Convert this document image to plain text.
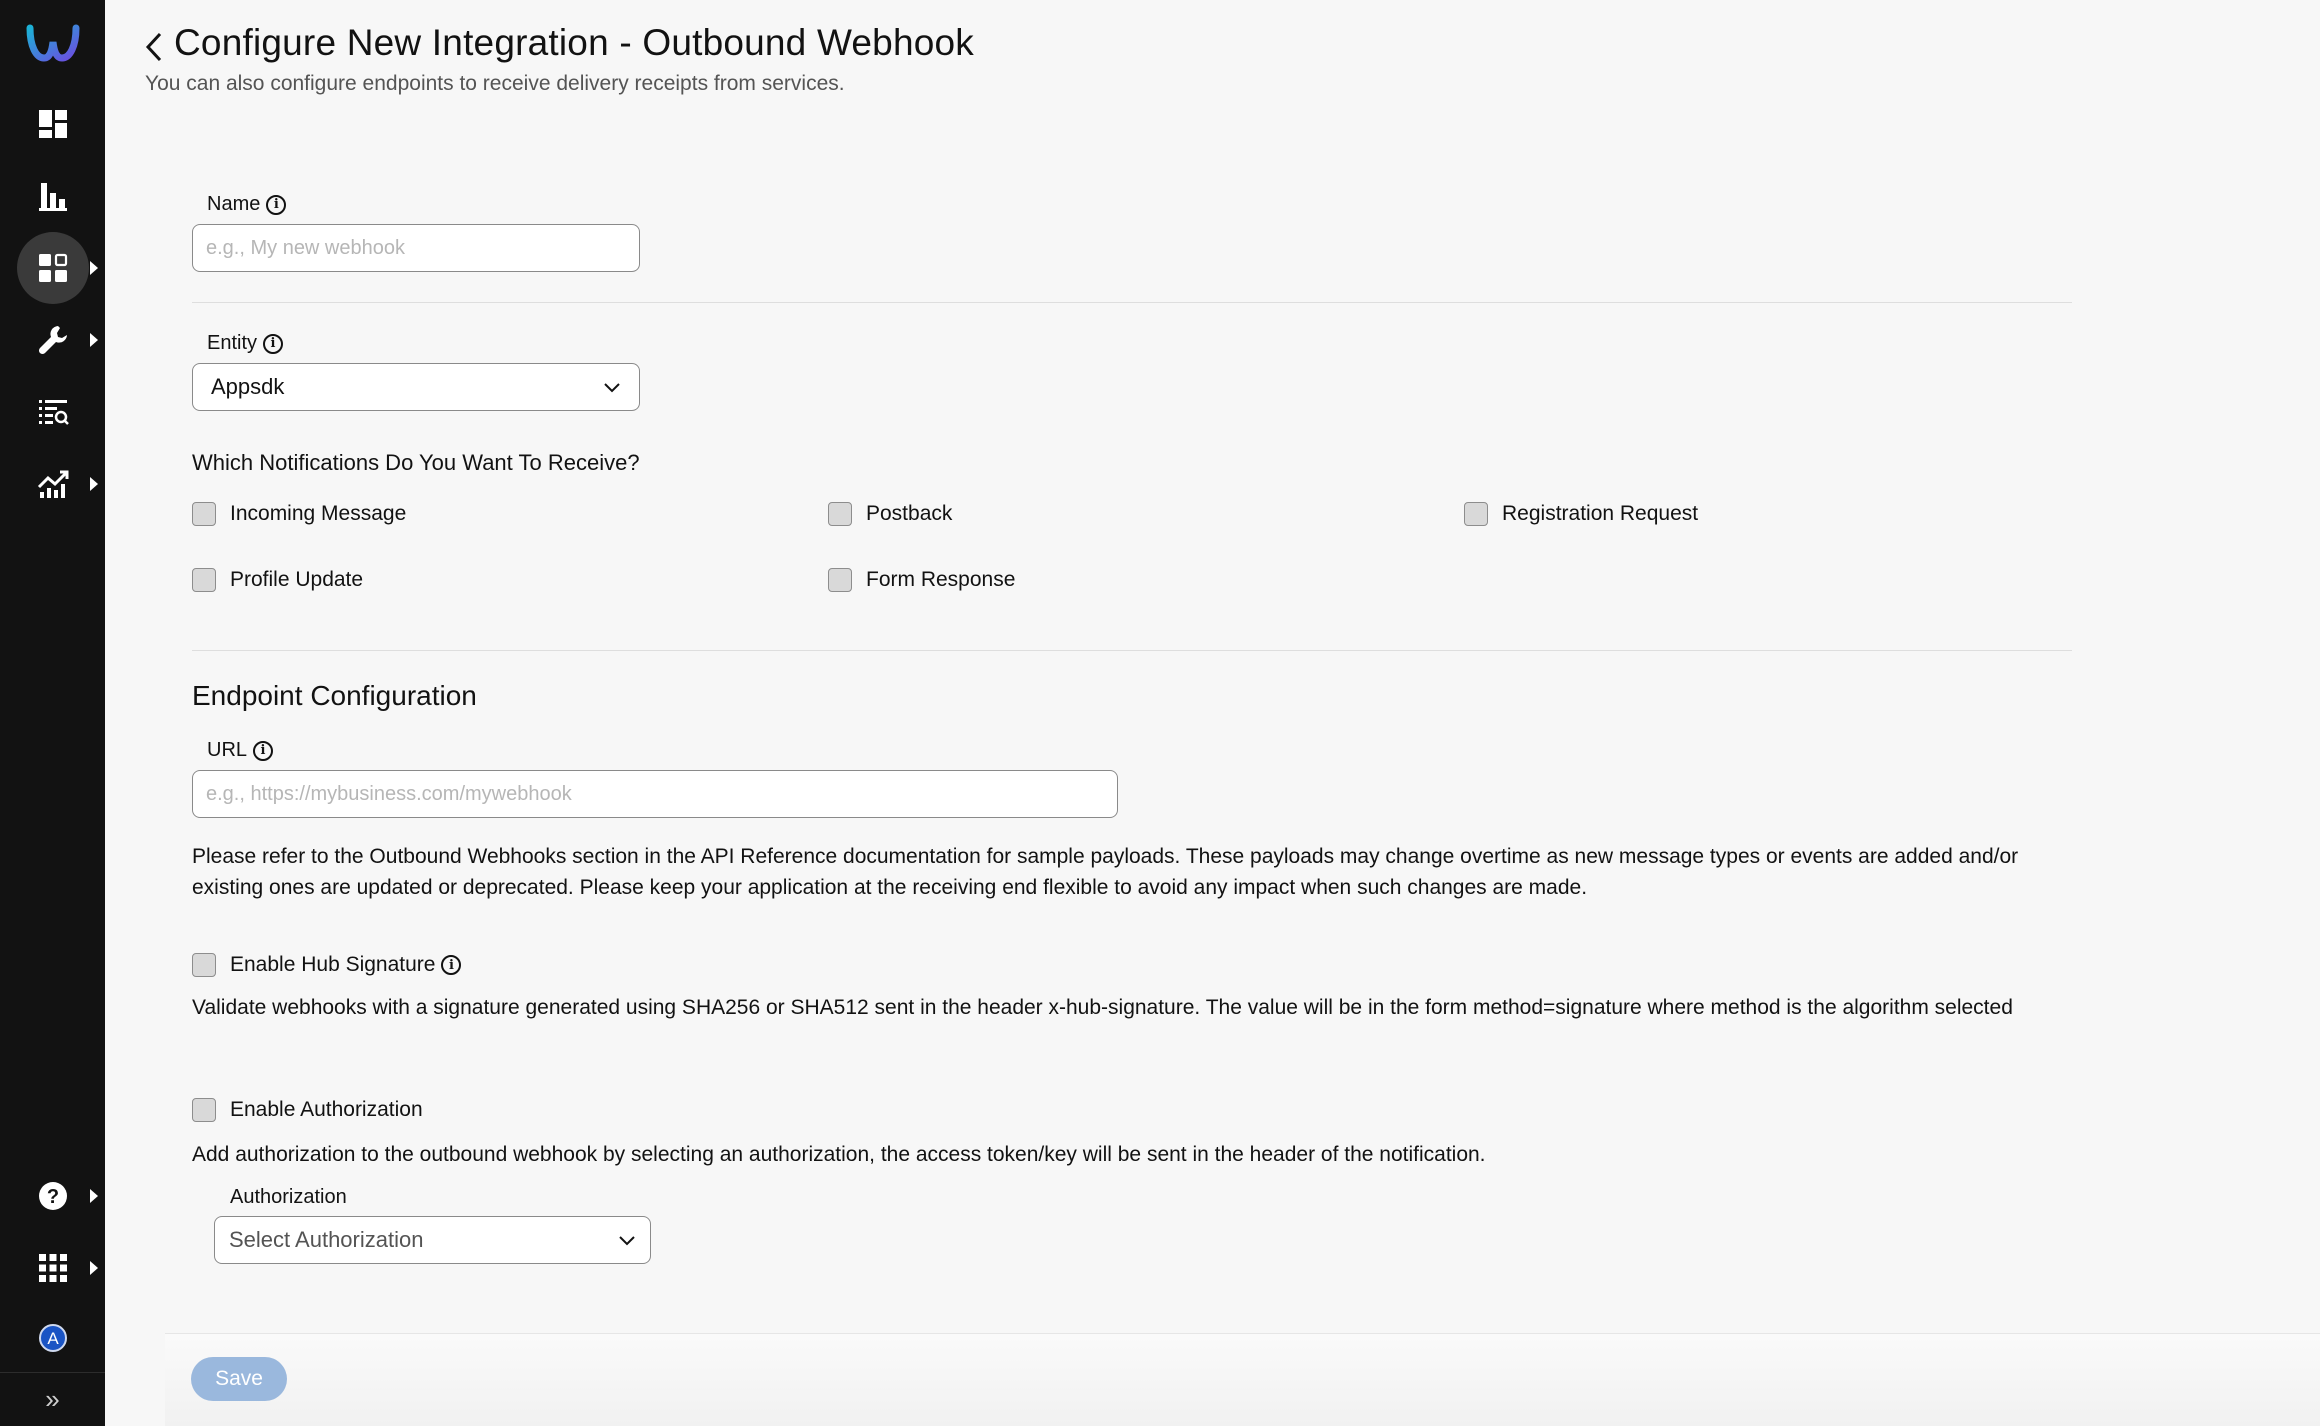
?
A
»
Configure New Integration - Outbound Webhook

You can also configure endpoints to receive delivery receipts from services.

Name	i
e.g., My new webhook
Entity	i
Appsdk
Which Notifications Do You Want To Receive?
Incoming Message	Postback	Registration Request
Profile Update	Form Response
Endpoint Configuration
URL	i
e.g., https://mybusiness.com/mywebhook

Please refer to the Outbound Webhooks section in the API Reference documentation for sample payloads. These payloads may change overtime as new message types or events are added and/or existing ones are updated or deprecated. Please keep your application at the receiving end flexible to avoid any impact when such changes are made.

Enable Hub Signature	i

Validate webhooks with a signature generated using SHA256 or SHA512 sent in the header x-hub-signature. The value will be in the form method=signature where method is the algorithm selected

Enable Authorization

Add authorization to the outbound webhook by selecting an authorization, the access token/key will be sent in the header of the notification.

Authorization
Select Authorization
Save
